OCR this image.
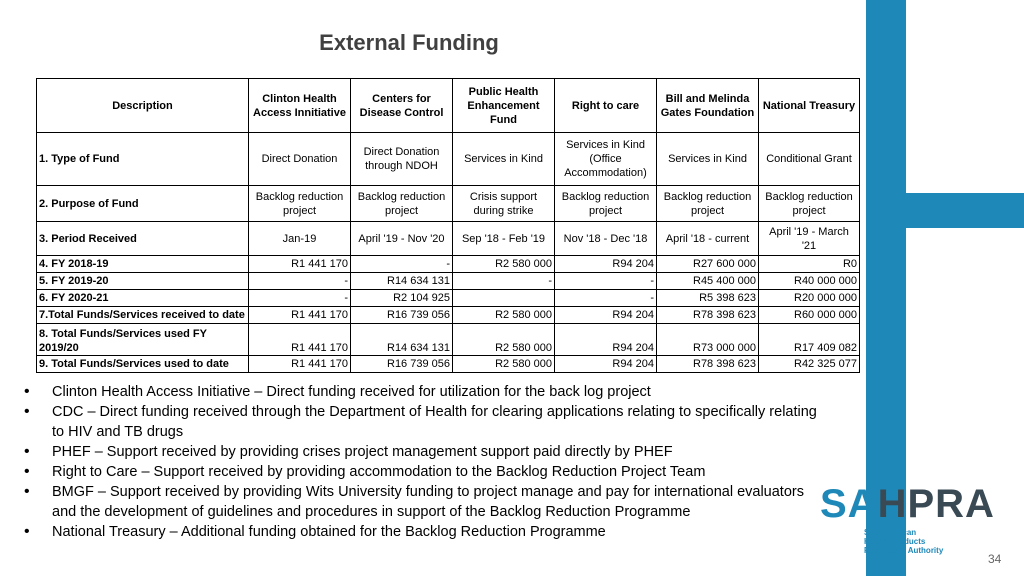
External Funding
Description	Clinton Health Access Innitiative	Centers for Disease Control	Public Health Enhancement Fund	Right to care	Bill and Melinda Gates Foundation	National Treasury
1. Type of Fund	Direct Donation	Direct Donation through NDOH	Services in Kind	Services in Kind (Office Accommodation)	Services in Kind	Conditional Grant
2. Purpose of Fund	Backlog reduction project	Backlog reduction project	Crisis support during strike	Backlog reduction project	Backlog reduction project	Backlog reduction project
3. Period Received	Jan-19	April '19 - Nov '20	Sep '18 - Feb '19	Nov '18 - Dec '18	April '18 - current	April '19 - March '21
4. FY 2018-19	R1 441 170	-	R2 580 000	R94 204	R27 600 000	R0
5. FY 2019-20	-	R14 634 131	-	-	R45 400 000	R40 000 000
6. FY 2020-21	-	R2 104 925		-	R5 398 623	R20 000 000
7.Total Funds/Services received to date	R1 441 170	R16 739 056	R2 580 000	R94 204	R78 398 623	R60 000 000
8. Total Funds/Services used FY 2019/20	R1 441 170	R14 634 131	R2 580 000	R94 204	R73 000 000	R17 409 082
9. Total Funds/Services used to date	R1 441 170	R16 739 056	R2 580 000	R94 204	R78 398 623	R42 325 077
• Clinton Health Access Initiative – Direct funding received for utilization for the back log project
• CDC – Direct funding received through the Department of Health for clearing applications relating to specifically relating to HIV and TB drugs
• PHEF – Support received by providing crises project management support paid directly by PHEF
• Right to Care – Support received by providing accommodation to the Backlog Reduction Project Team
• BMGF – Support received by providing Wits University funding to project manage and pay for international evaluators and the development of guidelines and procedures in support of the Backlog Reduction Programme
• National Treasury – Additional funding obtained for the Backlog Reduction Programme
SAHPRA
South African
Health Products
Regulatory Authority
34
